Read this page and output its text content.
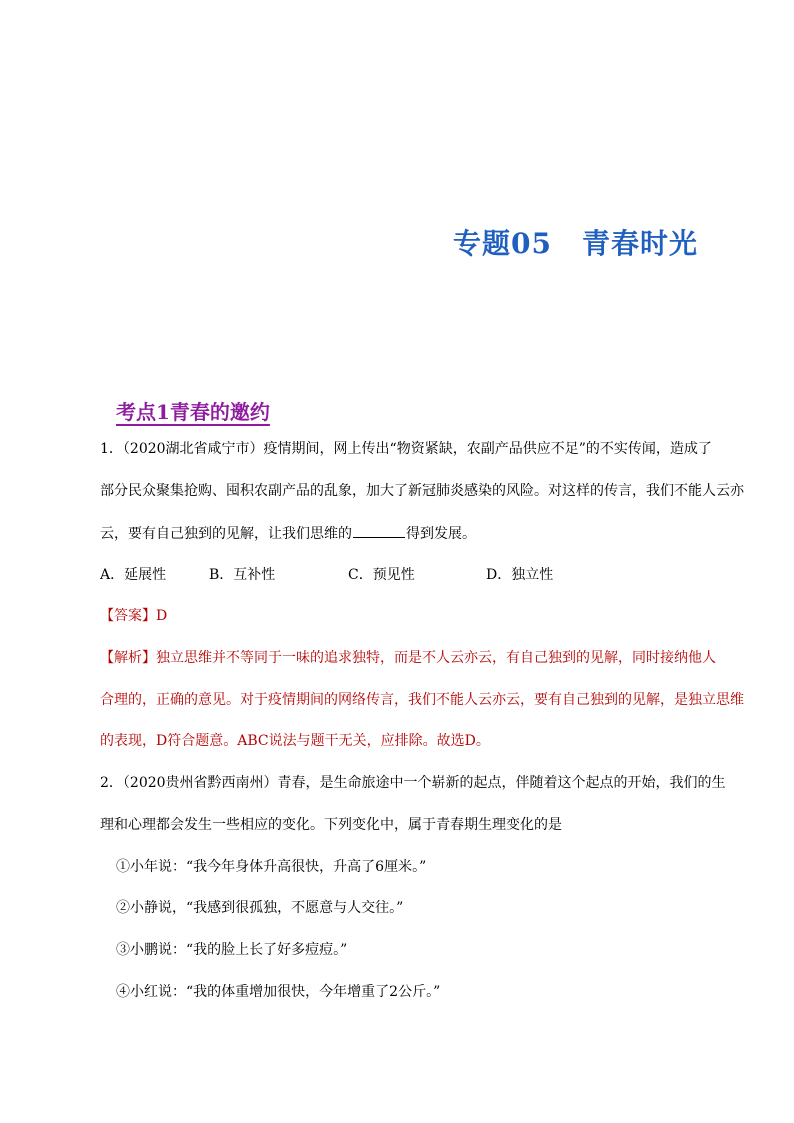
专题05 青春时光
考点1青春的邀约
1．（2020湖北省咸宁市）疫情期间，网上传出“物资紧缺，农副产品供应不足”的不实传闻，造成了
部分民众聚集抢购、囤积农副产品的乱象，加大了新冠肺炎感染的风险。对这样的传言，我们不能人云亦
云，要有自己独到的见解，让我们思维的	得到发展。
A．延展性	B．互补性	C．预见性	D．独立性
【答案】D
【解析】独立思维并不等同于一味的追求独特，而是不人云亦云，有自己独到的见解，同时接纳他人
合理的，正确的意见。对于疫情期间的网络传言，我们不能人云亦云，要有自己独到的见解，是独立思维
的表现，D符合题意。ABC说法与题干无关，应排除。故选D。
2．（2020贵州省黔西南州）青春，是生命旅途中一个崭新的起点，伴随着这个起点的开始，我们的生
理和心理都会发生一些相应的变化。下列变化中，属于青春期生理变化的是
①小年说：“我今年身体升高很快，升高了6厘米。”
②小静说，“我感到很孤独，不愿意与人交往。”
③小鹏说：“我的脸上长了好多痘痘。”
④小红说：“我的体重增加很快，今年增重了2公斤。”
